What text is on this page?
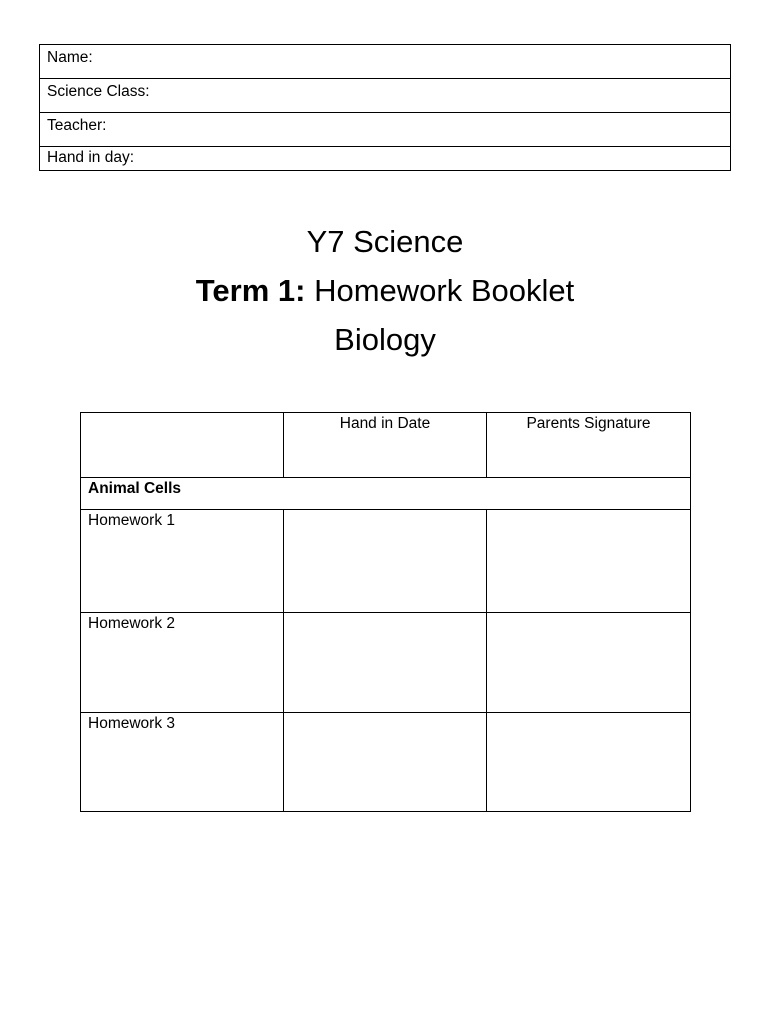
Name:
Science Class:
Teacher:
Hand in day:
Y7 Science
Term 1: Homework Booklet
Biology
	Hand in Date	Parents Signature
Animal Cells		
Homework 1		
Homework 2		
Homework 3		
